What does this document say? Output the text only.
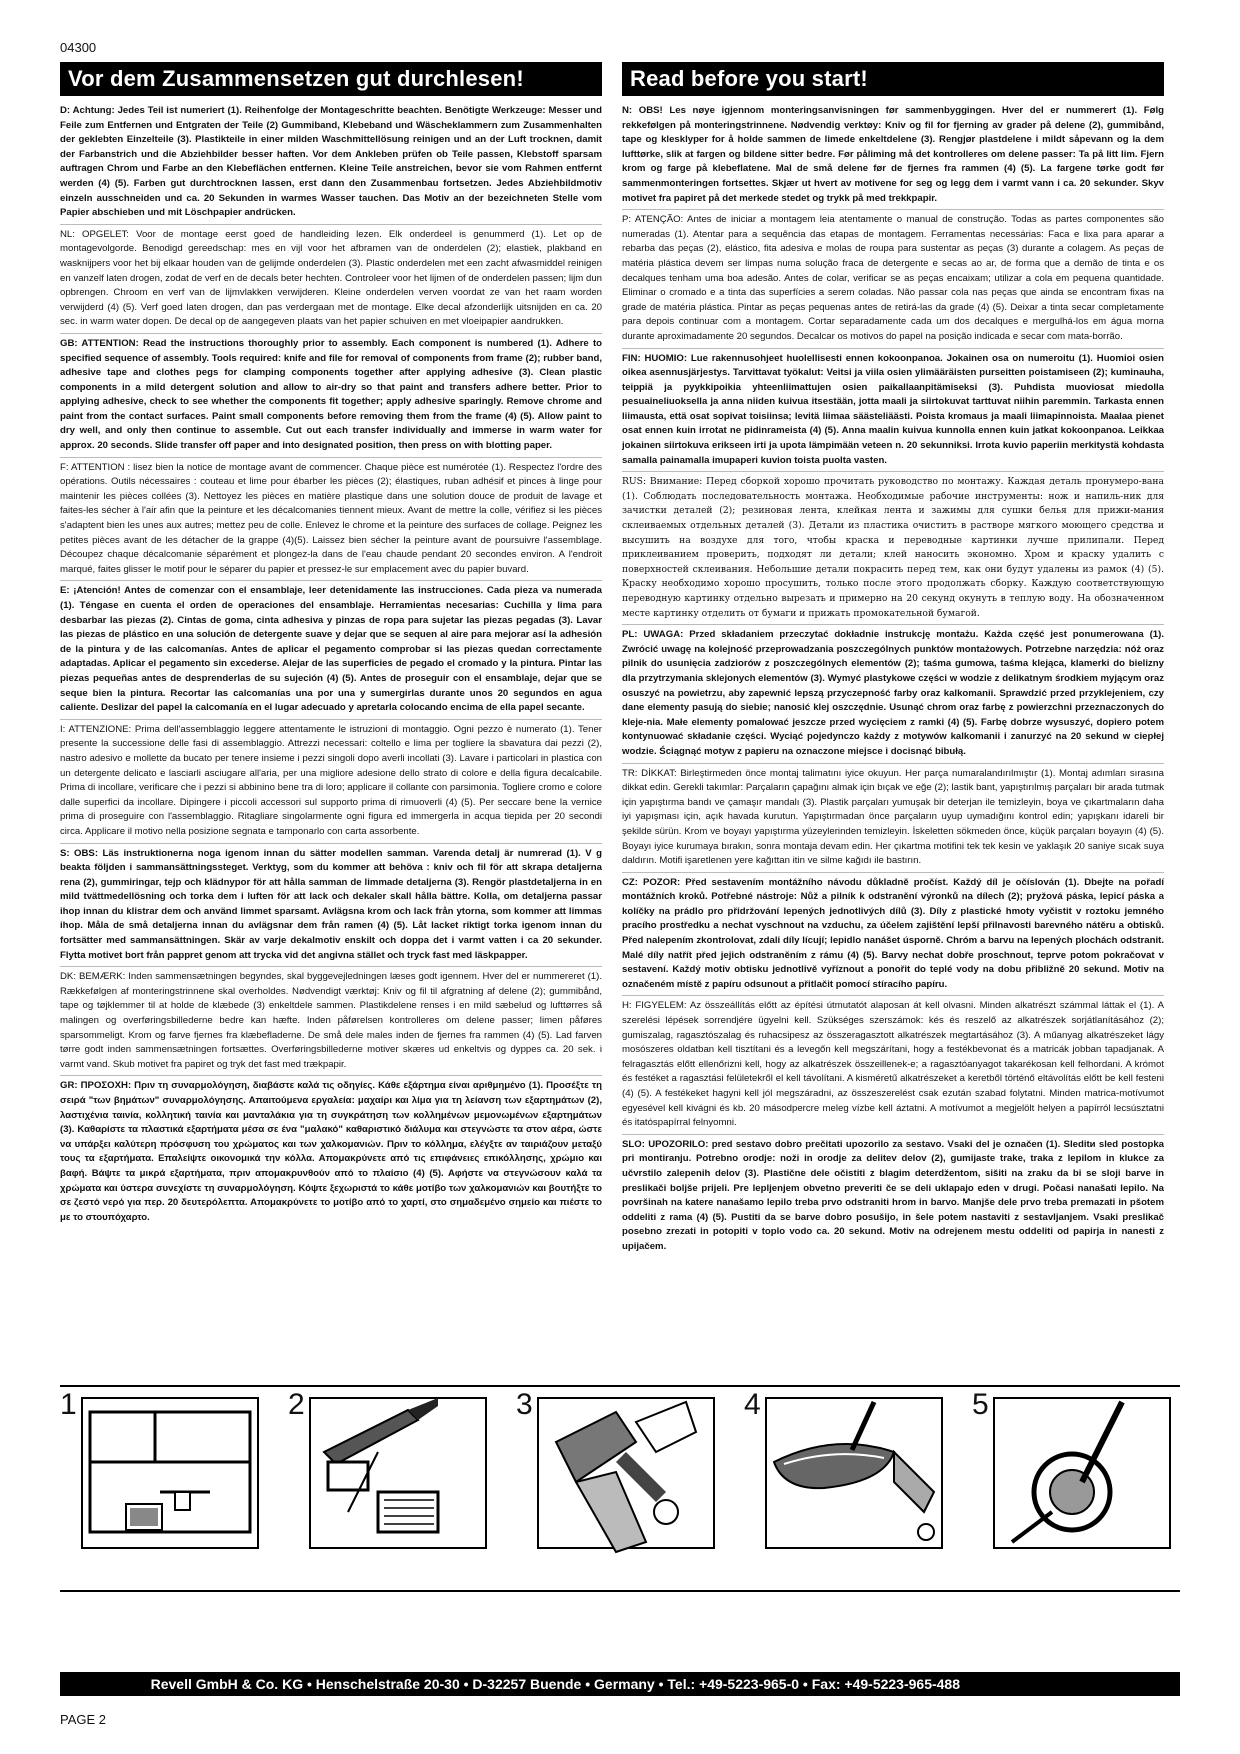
04300
Vor dem Zusammensetzen gut durchlesen!

D: Achtung: Jedes Teil ist numeriert (1). Reihenfolge der Montageschritte beachten. Benötigte Werkzeuge: Messer und Feile zum Entfernen und Entgraten der Teile (2) Gummiband, Klebeband und Wäscheklammern zum Zusammenhalten der geklebten Einzelteile (3). Plastikteile in einer milden Waschmittellösung reinigen und an der Luft trocknen, damit der Farbanstrich und die Abziehbilder besser haften. Vor dem Ankleben prüfen ob Teile passen, Klebstoff sparsam auftragen Chrom und Farbe an den Klebeflächen entfernen. Kleine Teile anstreichen, bevor sie vom Rahmen entfernt werden (4) (5). Farben gut durchtrocknen lassen, erst dann den Zusammenbau fortsetzen. Jedes Abziehbildmotiv einzeln ausschneiden und ca. 20 Sekunden in warmes Wasser tauchen. Das Motiv an der bezeichneten Stelle vom Papier abschieben und mit Löschpapier andrücken.

NL: OPGELET: Voor de montage eerst goed de handleiding lezen. Elk onderdeel is genummerd (1). Let op de montagevolgorde. Benodigd gereedschap: mes en vijl voor het afbramen van de onderdelen (2); elastiek, plakband en wasknijpers voor het bij elkaar houden van de gelijmde onderdelen (3). Plastic onderdelen met een zacht afwasmiddel reinigen en vanzelf laten drogen, zodat de verf en de decals beter hechten. Controleer voor het lijmen of de onderdelen passen; lijm dun opbrengen. Chroom en verf van de lijmvlakken verwijderen. Kleine onderdelen verven voordat ze van het raam worden verwijderd (4) (5). Verf goed laten drogen, dan pas verdergaan met de montage. Elke decal afzonderlijk uitsnijden en ca. 20 sec. in warm water dopen. De decal op de aangegeven plaats van het papier schuiven en met vloeipapier aandrukken.

GB: ATTENTION: Read the instructions thoroughly prior to assembly. Each component is numbered (1). Adhere to specified sequence of assembly. Tools required: knife and file for removal of components from frame (2); rubber band, adhesive tape and clothes pegs for clamping components together after applying adhesive (3). Clean plastic components in a mild detergent solution and allow to air-dry so that paint and transfers adhere better. Prior to applying adhesive, check to see whether the components fit together; apply adhesive sparingly. Remove chrome and paint from the contact surfaces. Paint small components before removing them from the frame (4) (5). Allow paint to dry well, and only then continue to assemble. Cut out each transfer individually and immerse in warm water for approx. 20 seconds. Slide transfer off paper and into designated position, then press on with blotting paper.

F: ATTENTION : lisez bien la notice de montage avant de commencer. Chaque pièce est numérotée (1). Respectez l'ordre des opérations. Outils nécessaires : couteau et lime pour ébarber les pièces (2); élastiques, ruban adhésif et pinces à linge pour maintenir les pièces collées (3). Nettoyez les pièces en matière plastique dans une solution douce de produit de lavage et faites-les sécher à l'air afin que la peinture et les décalcomanies tiennent mieux. Avant de mettre la colle, vérifiez si les pièces s'adaptent bien les unes aux autres; mettez peu de colle. Enlevez le chrome et la peinture des surfaces de collage. Peignez les petites pièces avant de les détacher de la grappe (4)(5). Laissez bien sécher la peinture avant de poursuivre l'assemblage. Découpez chaque décalcomanie séparément et plongez-la dans de l'eau chaude pendant 20 secondes environ. A l'endroit marqué, faites glisser le motif pour le séparer du papier et pressez-le sur emplacement avec du papier buvard.

E: ¡Atención! Antes de comenzar con el ensamblaje, leer detenidamente las instrucciones. Cada pieza va numerada (1). Téngase en cuenta el orden de operaciones del ensamblaje. Herramientas necesarias: Cuchilla y lima para desbarbar las piezas (2). Cintas de goma, cinta adhesiva y pinzas de ropa para sujetar las piezas pegadas (3). Lavar las piezas de plástico en una solución de detergente suave y dejar que se sequen al aire para mejorar así la adhesión de la pintura y de las calcomanías. Antes de aplicar el pegamento comprobar si las piezas quedan correctamente adaptadas. Aplicar el pegamento sin excederse. Alejar de las superficies de pegado el cromado y la pintura. Pintar las piezas pequeñas antes de desprenderlas de su sujeción (4) (5). Antes de proseguir con el ensamblaje, dejar que se seque bien la pintura. Recortar las calcomanías una por una y sumergirlas durante unos 20 segundos en agua caliente. Deslizar del papel la calcomanía en el lugar adecuado y apretarla colocando encima de ella papel secante.

I: ATTENZIONE: Prima dell'assemblaggio leggere attentamente le istruzioni di montaggio. Ogni pezzo è numerato (1). Tener presente la successione delle fasi di assemblaggio. Attrezzi necessari: coltello e lima per togliere la sbavatura dai pezzi (2), nastro adesivo e mollette da bucato per tenere insieme i pezzi singoli dopo averli incollati (3). Lavare i particolari in plastica con un detergente delicato e lasciarli asciugare all'aria, per una migliore adesione dello strato di colore e della figura decalcabile. Prima di incollare, verificare che i pezzi si abbinino bene tra di loro; applicare il collante con parsimonia. Togliere cromo e colore dalle superfici da incollare. Dipingere i piccoli accessori sul supporto prima di rimuoverli (4) (5). Per seccare bene la vernice prima di proseguire con l'assemblaggio. Ritagliare singolarmente ogni figura ed immergerla in acqua tiepida per 20 secondi circa. Applicare il motivo nella posizione segnata e tamponarlo con carta assorbente.

S: OBS: Läs instruktionerna noga igenom innan du sätter modellen samman. Varenda detalj är numrerad (1). V g beakta följden i sammansättningssteget. Verktyg, som du kommer att behöva : kniv och fil för att skrapa detaljerna rena (2), gummiringar, tejp och klädnypor för att hålla samman de limmade detaljerna (3). Rengör plastdetaljerna in en mild tvättmedellösning och torka dem i luften för att lack och dekaler skall hålla bättre. Kolla, om detaljerna passar ihop innan du klistrar dem och använd limmet sparsamt. Avlägsna krom och lack från ytorna, som kommer att limmas ihop. Måla de små detaljerna innan du avlägsnar dem från ramen (4) (5). Låt lacket riktigt torka igenom innan du fortsätter med sammansättningen. Skär av varje dekalmotiv enskilt och doppa det i varmt vatten i ca 20 sekunder. Flytta motivet bort från pappret genom att trycka vid det angivna stället och tryck fast med läskpapper.

DK: BEMÆRK: Inden sammensætningen begyndes, skal byggevejledningen læses godt igennem. Hver del er nummereret (1). Rækkefølgen af monteringstrinnene skal overholdes. Nødvendigt værktøj: Kniv og fil til afgratning af delene (2); gummibånd, tape og tøjklemmer til at holde de klæbede (3) enkeltdele sammen. Plastikdelene renses i en mild sæbelud og lufttørres så malingen og overføringsbillederne bedre kan hæfte. Inden påførelsen kontrolleres om delene passer; limen påføres sparsommeligt. Krom og farve fjernes fra klæbefladerne. De små dele males inden de fjernes fra rammen (4) (5). Lad farven tørre godt inden sammensætningen fortsættes. Overføringsbillederne motiver skæres ud enkeltvis og dyppes ca. 20 sek. i varmt vand. Skub motivet fra papiret og tryk det fast med trækpapir.

GR: ΠΡΟΣΟΧΗ: Πριν τη συναρμολόγηση, διαβάστε καλά τις οδηγίες. Κάθε εξάρτημα είναι αριθμημένο (1). Προσέξτε τη σειρά "των βημάτων" συναρμολόγησης. Απαιτούμενα εργαλεία: μαχαίρι και λίμα για τη λείανση των εξαρτημάτων (2), λαστιχένια ταινία, κολλητική ταινία και μανταλάκια για τη συγκράτηση των κολλημένων μεμονωμένων εξαρτημάτων (3). Καθαρίστε τα πλαστικά εξαρτήματα μέσα σε ένα "μαλακό" καθαριστικό διάλυμα και στεγνώστε τα στον αέρα, ώστε να υπάρξει καλύτερη πρόσφυση του χρώματος και των χαλκομανιών. Πριν το κόλλημα, ελέγξτε αν ταιριάζουν μεταξύ τους τα εξαρτήματα. Επαλείψτε οικονομικά την κόλλα. Απομακρύνετε από τις επιφάνειες επικόλλησης, χρώμιο και βαφή. Βάψτε τα μικρά εξαρτήματα, πριν απομακρυνθούν από το πλαίσιο (4) (5). Αφήστε να στεγνώσουν καλά τα χρώματα και ύστερα συνεχίστε τη συναρμολόγηση. Κόψτε ξεχωριστά το κάθε μοτίβο των χαλκομανιών και βουτήξτε το σε ζεστό νερό για περ. 20 δευτερόλεπτα. Απομακρύνετε το μοτίβο από το χαρτί, στο σημαδεμένο σημείο και πιέστε το με το στουπόχαρτο.

Read before you start!

N: OBS! Les nøye igjennom monteringsanvisningen før sammenbyggingen. Hver del er nummerert (1). Følg rekkefølgen på monteringstrinnene. Nødvendig verktøy: Kniv og fil for fjerning av grader på delene (2), gummibånd, tape og klesklyper for å holde sammen de limede enkeltdelene (3). Rengjør plastdelene i mildt såpevann og la dem lufttørke, slik at fargen og bildene sitter bedre. Før påliming må det kontrolleres om delene passer: Ta på litt lim. Fjern krom og farge på klebeflatene. Mal de små delene før de fjernes fra rammen (4) (5). La fargene tørke godt før sammenmonteringen fortsettes. Skjær ut hvert av motivene for seg og legg dem i varmt vann i ca. 20 sekunder. Skyv motivet fra papiret på det merkede stedet og trykk på med trekkpapir.

P: ATENÇÃO: Antes de iniciar a montagem leia atentamente o manual de construção. Todas as partes componentes são numeradas (1). Atentar para a sequência das etapas de montagem. Ferramentas necessárias: Faca e lixa para aparar a rebarba das peças (2), elástico, fita adesiva e molas de roupa para sustentar as peças (3) durante a colagem. As peças de matéria plástica devem ser limpas numa solução fraca de detergente e secas ao ar, de forma que a demão de tinta e os decalques tenham uma boa adesão. Antes de colar, verificar se as peças encaixam; utilizar a cola em pequena quantidade. Eliminar o cromado e a tinta das superfícies a serem coladas. Não passar cola nas peças que ainda se encontram fixas na grade de matéria plástica. Pintar as peças pequenas antes de retirá-las da grade (4) (5). Deixar a tinta secar completamente para depois continuar com a montagem. Cortar separadamente cada um dos decalques e mergulhá-los em água morna durante aproximadamente 20 segundos. Decalcar os motivos do papel na posição indicada e secar com mata-borrão.

FIN: HUOMIO: Lue rakennusohjeet huolellisesti ennen kokoonpanoa. Jokainen osa on numeroitu (1). Huomioi osien oikea asennusjärjestys. Tarvittavat työkalut: Veitsi ja viila osien ylimääräisten purseitten poistamiseen (2); kuminauha, teippiä ja pyykkipoikia yhteenliimattujen osien paikallaanpitämiseksi (3). Puhdista muoviosat miedolla pesuaineliuoksella ja anna niiden kuivua itsestään, jotta maali ja siirtokuvat tarttuvat niihin paremmin. Tarkasta ennen liimausta, että osat sopivat toisiinsa; levitä liimaa säästeliäästi. Poista kromaus ja maali liimapinnoista. Maalaa pienet osat ennen kuin irrotat ne pidinrameista (4) (5). Anna maalin kuivua kunnolla ennen kuin jatkat kokoonpanoa. Leikkaa jokainen siirtokuva erikseen irti ja upota lämpimään veteen n. 20 sekunniksi. Irrota kuvio paperiin merkitystä kohdasta samalla painamalla imupaperi kuvion toista puolta vasten.

RUS: Внимание: Перед сборкой хорошо прочитать руководство по монтажу. Каждая деталь пронумеро-вана (1). Соблюдать последовательность монтажа. Необходимые рабочие инструменты: нож и напиль-ник для зачистки деталей (2); резиновая лента, клейкая лента и зажимы для сушки белья для прижи-мания склеиваемых отдельных деталей (3). Детали из пластика очистить в растворе мягкого моющего средства и высушить на воздухе для того, чтобы краска и переводные картинки лучше прилипали. Перед приклеиванием проверить, подходят ли детали; клей наносить экономно. Хром и краску удалить с поверхностей склеивания. Небольшие детали покрасить перед тем, как они будут удалены из рамок (4) (5). Краску необходимо хорошо просушить, только после этого продолжать сборку. Каждую соответствующую переводную картинку отдельно вырезать и примерно на 20 секунд окунуть в теплую воду. На обозначенном месте картинку отделить от бумаги и прижать промокательной бумагой.

PL: UWAGA: Przed składaniem przeczytać dokładnie instrukcję montażu. Każda część jest ponumerowana (1). Zwrócić uwagę na kolejność przeprowadzania poszczególnych punktów montażowych. Potrzebne narzędzia: nóż oraz pilnik do usunięcia zadziorów z poszczególnych elementów (2); taśma gumowa, taśma klejąca, klamerki do bielizny dla przytrzymania sklejonych elementów (3). Wymyć plastykowe części w wodzie z delikatnym środkiem myjącym oraz osuszyć na powietrzu, aby zapewnić lepszą przyczepność farby oraz kalkomanii. Sprawdzić przed przyklejeniem, czy dane elementy pasują do siebie; nanosić klej oszczędnie. Usunąć chrom oraz farbę z powierzchni przeznaczonych do kleje-nia. Małe elementy pomalować jeszcze przed wycięciem z ramki (4) (5). Farbę dobrze wysuszyć, dopiero potem kontynuować składanie części. Wyciąć pojedynczo każdy z motywów kalkomanii i zanurzyć na 20 sekund w ciepłej wodzie. Ściągnąć motyw z papieru na oznaczone miejsce i docisnąć bibułą.

TR: DİKKAT: Birleştirmeden önce montaj talimatını iyice okuyun. Her parça numaralandırılmıştır (1). Montaj adımları sırasına dikkat edin. Gerekli takımlar: Parçaların çapağını almak için bıçak ve eğe (2); lastik bant, yapıştırılmış parçaları bir arada tutmak için yapıştırma bandı ve çamaşır mandalı (3). Plastik parçaları yumuşak bir deterjan ile temizleyin, boya ve çıkartmaların daha iyi yapışması için, açık havada kurutun. Yapıştırmadan önce parçaların uyup uymadığını kontrol edin; yapışkanı idareli bir şekilde sürün. Krom ve boyayı yapıştırma yüzeylerinden temizleyin. İskeletten sökmeden önce, küçük parçaları boyayın (4) (5). Boyayı iyice kurumaya bırakın, sonra montaja devam edin. Her çıkartma motifini tek tek kesin ve yaklaşık 20 saniye sıcak suya daldırın. Motifi işaretlenen yere kağıttan itin ve silme kağıdı ile bastırın.

CZ: POZOR: Před sestavením montážního návodu důkladně pročíst. Každý díl je očíslován (1). Dbejte na pořadí montážních kroků. Potřebné nástroje: Nůž a pilník k odstranění výronků na dílech (2); pryžová páska, lepicí páska a kolíčky na prádlo pro přidržování lepených jednotlivých dílů (3). Díly z plastické hmoty vyčistit v roztoku jemného pracího prostředku a nechat vyschnout na vzduchu, za účelem zajištění lepší přilnavosti barevného nátěru a obtisků. Před nalepením zkontrolovat, zdali díly lícují; lepidlo nanášet úsporně. Chróm a barvu na lepených plochách odstranit. Malé díly natřít před jejich odstraněním z rámu (4) (5). Barvy nechat dobře proschnout, teprve potom pokračovat v sestavení. Každý motiv obtisku jednotlivě vyříznout a ponořit do teplé vody na dobu přibližně 20 sekund. Motiv na označeném místě z papíru odsunout a přitlačit pomocí stíracího papíru.

H: FIGYELEM: Az összeállítás előtt az építési útmutatót alaposan át kell olvasni. Minden alkatrészt számmal láttak el (1). A szerelési lépések sorrendjére ügyelni kell. Szükséges szerszámok: kés és reszelő az alkatrészek sorjátlanításához (2); gumiszalag, ragasztószalag és ruhacsipesz az összeragasztott alkatrészek megtartásához (3). A műanyag alkatrészeket lágy mosószeres oldatban kell tisztítani és a levegőn kell megszárítani, hogy a festékbevonat és a matricák jobban tapadjanak. A felragasztás előtt ellenőrizni kell, hogy az alkatrészek összeillenek-e; a ragasztóanyagot takarékosan kell felhordani. A krómot és festéket a ragasztási felületekről el kell távolítani. A kisméretű alkatrészeket a keretből történő eltávolítás előtt be kell festeni (4) (5). A festékeket hagyni kell jól megszáradni, az összeszerelést csak ezután szabad folytatni. Minden matrica-motívumot egyesével kell kivágni és kb. 20 másodpercre meleg vízbe kell áztatni. A motívumot a megjelölt helyen a papírról lecsúsztatni és itatóspapírral felnyomni.

SLO: UPOZORILO: pred sestavo dobro prečitati upozorilo za sestavo. Vsaki del je označen (1). Sleditи sled postopka pri montiranju. Potrebno orodje: noži in orodje za delitev delov (2), gumijaste trake, traka z lepilom in klukce za učvrstilo zalepenih delov (3). Plastične dele očistiti z blagim deterdžentom, sišiti na zraku da bi se sloji barve in preslikači bolјše prijeli. Pre lepljenjem obvetno preveriti če se deli uklapajo eden v drugi. Počasi nanašati lepilo. Na površinah na katere nanašamo lepilo treba prvo odstraniti hrom in barvo. Manjše dele prvo treba premazati in pšotem oddeliti z rama (4) (5). Pustiti da se barve dobro posušijo, in šele potem nastaviti z sestavljanjem. Vsaki preslikač posebno zrezati in potopiti v toplo vodo ca. 20 sekund. Motiv na odrejenem mestu oddeliti od papirja in nanesti z upijačem.

1	2	3	4	5
Revell GmbH & Co. KG • Henschelstraße 20-30 • D-32257 Buende • Germany • Tel.: +49-5223-965-0 • Fax: +49-5223-965-488
PAGE 2
